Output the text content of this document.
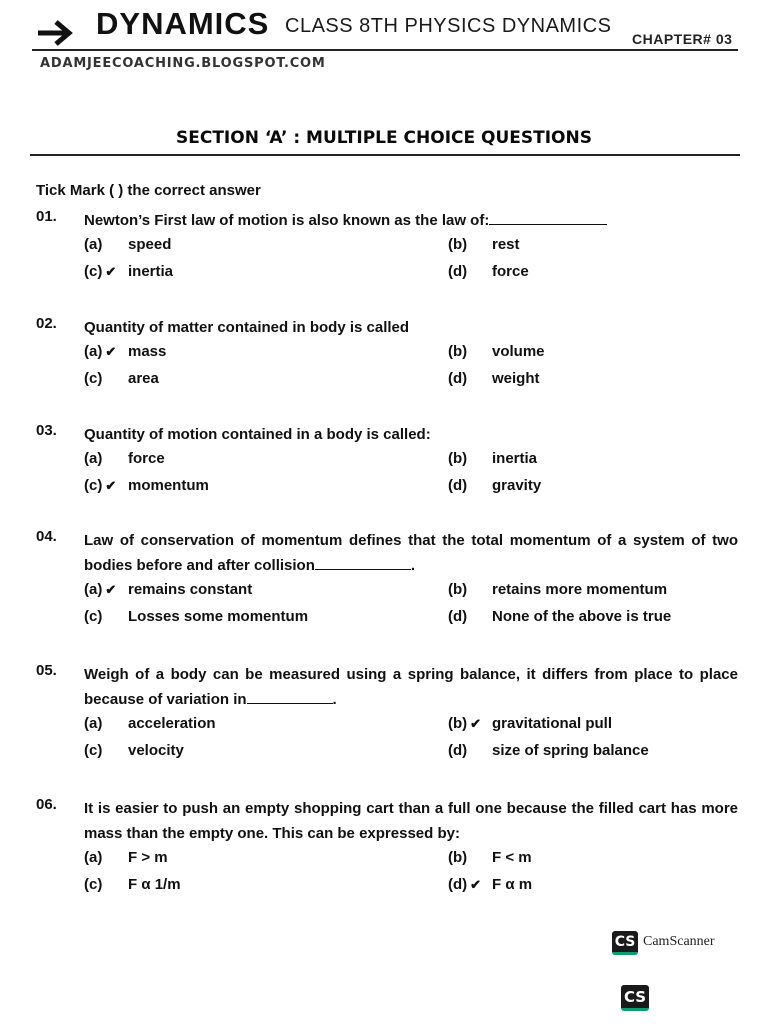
DYNAMICS CLASS 8TH PHYSICS DYNAMICS
CHAPTER# 03
ADAMJEECOACHING.BLOGSPOT.COM
SECTION ‘A’ : MULTIPLE CHOICE QUESTIONS
Tick Mark ( ) the correct answer
01. Newton’s First law of motion is also known as the law of:
(a) speed	(b) rest
(c) ✔ inertia	(d) force
02. Quantity of matter contained in body is called
(a) ✔ mass	(b) volume
(c) area	(d) weight
03. Quantity of motion contained in a body is called:
(a) force	(b) inertia
(c) ✔ momentum	(d) gravity
04. Law of conservation of momentum defines that the total momentum of a system of two bodies before and after collision	.
(a) ✔ remains constant	(b) retains more momentum
(c) Losses some momentum	(d) None of the above is true
05. Weigh of a body can be measured using a spring balance, it differs from place to place because of variation in	.
(a) acceleration	(b) ✔ gravitational pull
(c) velocity	(d) size of spring balance
06. It is easier to push an empty shopping cart than a full one because the filled cart has more mass than the empty one. This can be expressed by:
(a) F > m	(b) F < m
(c) F α 1/m	(d) ✔ F α m
CS CamScanner
CS
